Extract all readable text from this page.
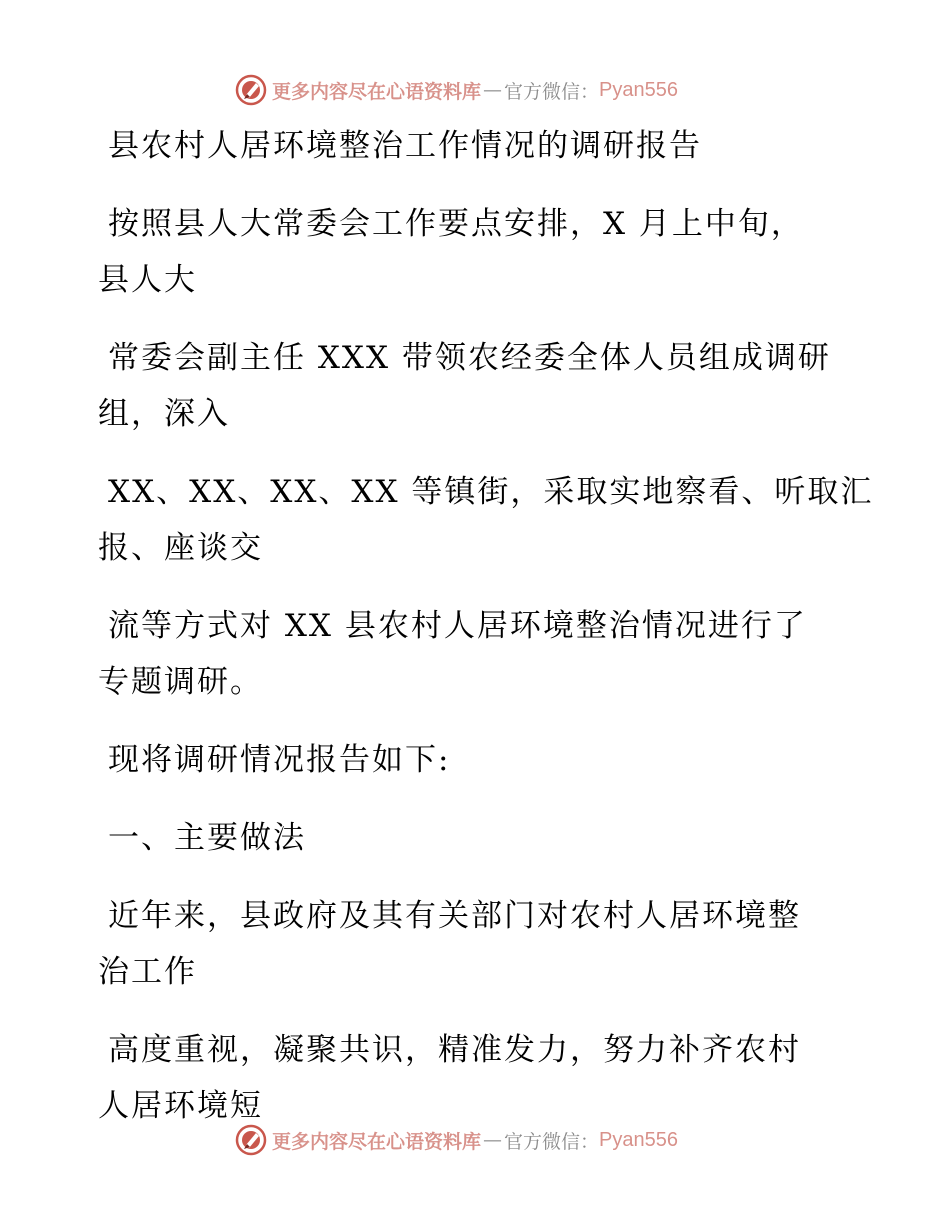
更多内容尽在心语资料库 — 官方微信： Pyan556
县农村人居环境整治工作情况的调研报告
按照县人大常委会工作要点安排，X 月上中旬，
县人大
常委会副主任 XXX 带领农经委全体人员组成调研
组，深入
XX、XX、XX、XX 等镇街，采取实地察看、听取汇
报、座谈交
流等方式对 XX 县农村人居环境整治情况进行了
专题调研。
现将调研情况报告如下:
一、主要做法
近年来，县政府及其有关部门对农村人居环境整
治工作
高度重视，凝聚共识，精准发力，努力补齐农村
人居环境短
更多内容尽在心语资料库 — 官方微信： Pyan556
